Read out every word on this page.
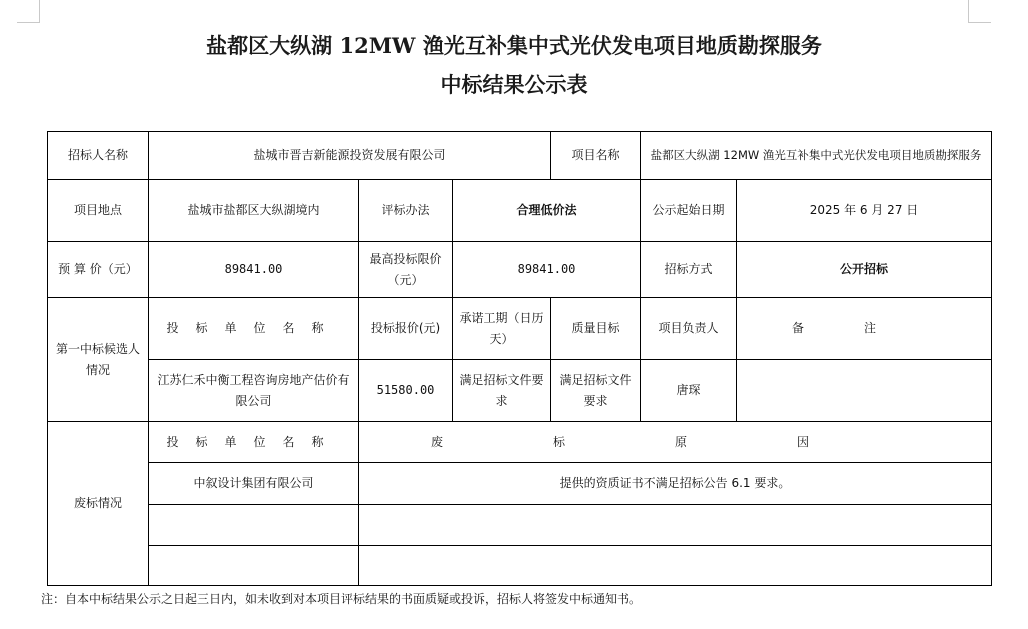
盐都区大纵湖 12MW 渔光互补集中式光伏发电项目地质勘探服务
中标结果公示表
招标人名称	盐城市晋吉新能源投资发展有限公司			项目名称	盐都区大纵湖 12MW 渔光互补集中式光伏发电项目地质勘探服务	
项目地点	盐城市盐都区大纵湖境内	评标办法	合理低价法		公示起始日期	2025 年 6 月 27 日
预 算 价（元）	89841.00	最高投标限价（元）	89841.00		招标方式	公开招标
第一中标候选人情况	投标单位名称	投标报价(元)	承诺工期（日历天）	质量目标	项目负责人	备注
	江苏仁禾中衡工程咨询房地产估价有限公司	51580.00	满足招标文件要求	满足招标文件要求	唐琛	
废标情况	投标单位名称	废标原因				
	中叙设计集团有限公司	提供的资质证书不满足招标公告 6.1 要求。				

注：自本中标结果公示之日起三日内，如未收到对本项目评标结果的书面质疑或投诉，招标人将签发中标通知书。
